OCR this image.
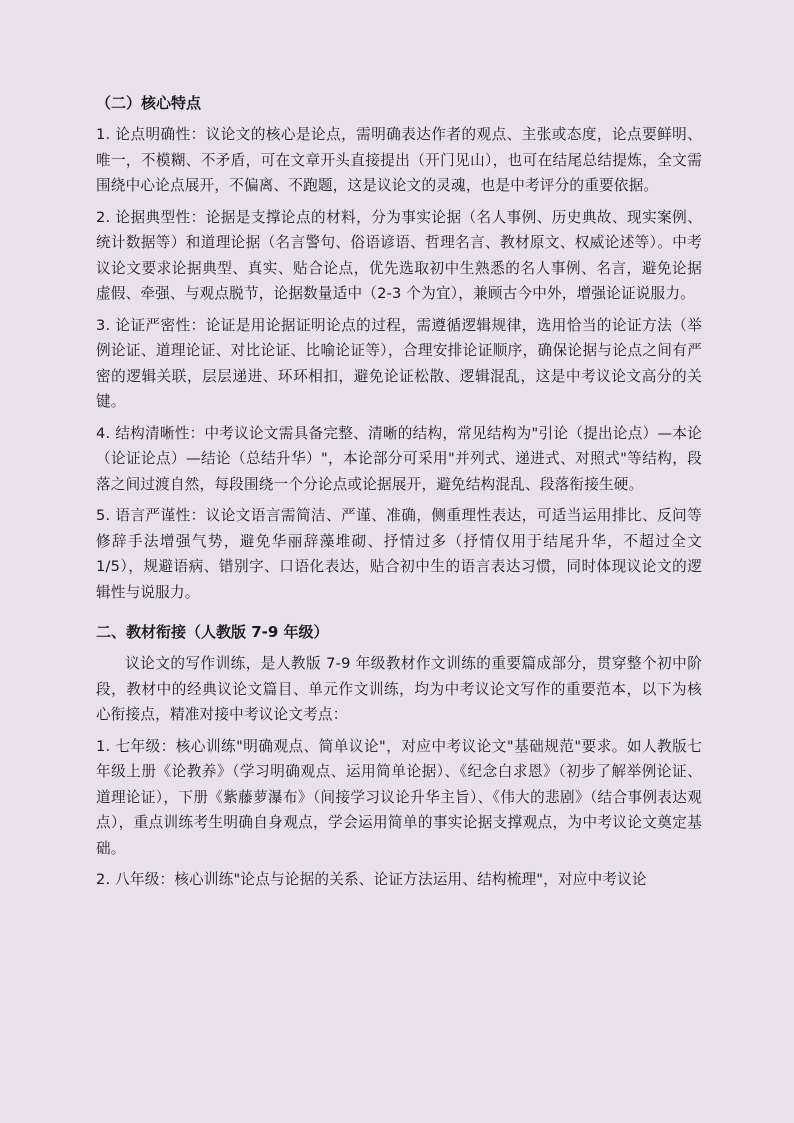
（二）核心特点

1. 论点明确性：议论文的核心是论点，需明确表达作者的观点、主张或态度，论点要鲜明、唯一，不模糊、不矛盾，可在文章开头直接提出（开门见山），也可在结尾总结提炼，全文需围绕中心论点展开，不偏离、不跑题，这是议论文的灵魂，也是中考评分的重要依据。

2. 论据典型性：论据是支撑论点的材料，分为事实论据（名人事例、历史典故、现实案例、统计数据等）和道理论据（名言警句、俗语谚语、哲理名言、教材原文、权威论述等）。中考议论文要求论据典型、真实、贴合论点，优先选取初中生熟悉的名人事例、名言，避免论据虚假、牵强、与观点脱节，论据数量适中（2-3 个为宜），兼顾古今中外，增强论证说服力。

3. 论证严密性：论证是用论据证明论点的过程，需遵循逻辑规律，选用恰当的论证方法（举例论证、道理论证、对比论证、比喻论证等），合理安排论证顺序，确保论据与论点之间有严密的逻辑关联，层层递进、环环相扣，避免论证松散、逻辑混乱，这是中考议论文高分的关键。

4. 结构清晰性：中考议论文需具备完整、清晰的结构，常见结构为"引论（提出论点）—本论（论证论点）—结论（总结升华）"，本论部分可采用"并列式、递进式、对照式"等结构，段落之间过渡自然，每段围绕一个分论点或论据展开，避免结构混乱、段落衔接生硬。

5. 语言严谨性：议论文语言需简洁、严谨、准确，侧重理性表达，可适当运用排比、反问等修辞手法增强气势，避免华丽辞藻堆砌、抒情过多（抒情仅用于结尾升华，不超过全文 1/5），规避语病、错别字、口语化表达，贴合初中生的语言表达习惯，同时体现议论文的逻辑性与说服力。

二、教材衔接（人教版 7-9 年级）

议论文的写作训练，是人教版 7-9 年级教材作文训练的重要篇成部分，贯穿整个初中阶段，教材中的经典议论文篇目、单元作文训练，均为中考议论文写作的重要范本，以下为核心衔接点，精准对接中考议论文考点：

1. 七年级：核心训练"明确观点、简单议论"，对应中考议论文"基础规范"要求。如人教版七年级上册《论教养》（学习明确观点、运用简单论据）、《纪念白求恩》（初步了解举例论证、道理论证），下册《紫藤萝瀑布》（间接学习议论升华主旨）、《伟大的悲剧》（结合事例表达观点），重点训练考生明确自身观点，学会运用简单的事实论据支撑观点，为中考议论文奠定基础。

2. 八年级：核心训练"论点与论据的关系、论证方法运用、结构梳理"，对应中考议论
